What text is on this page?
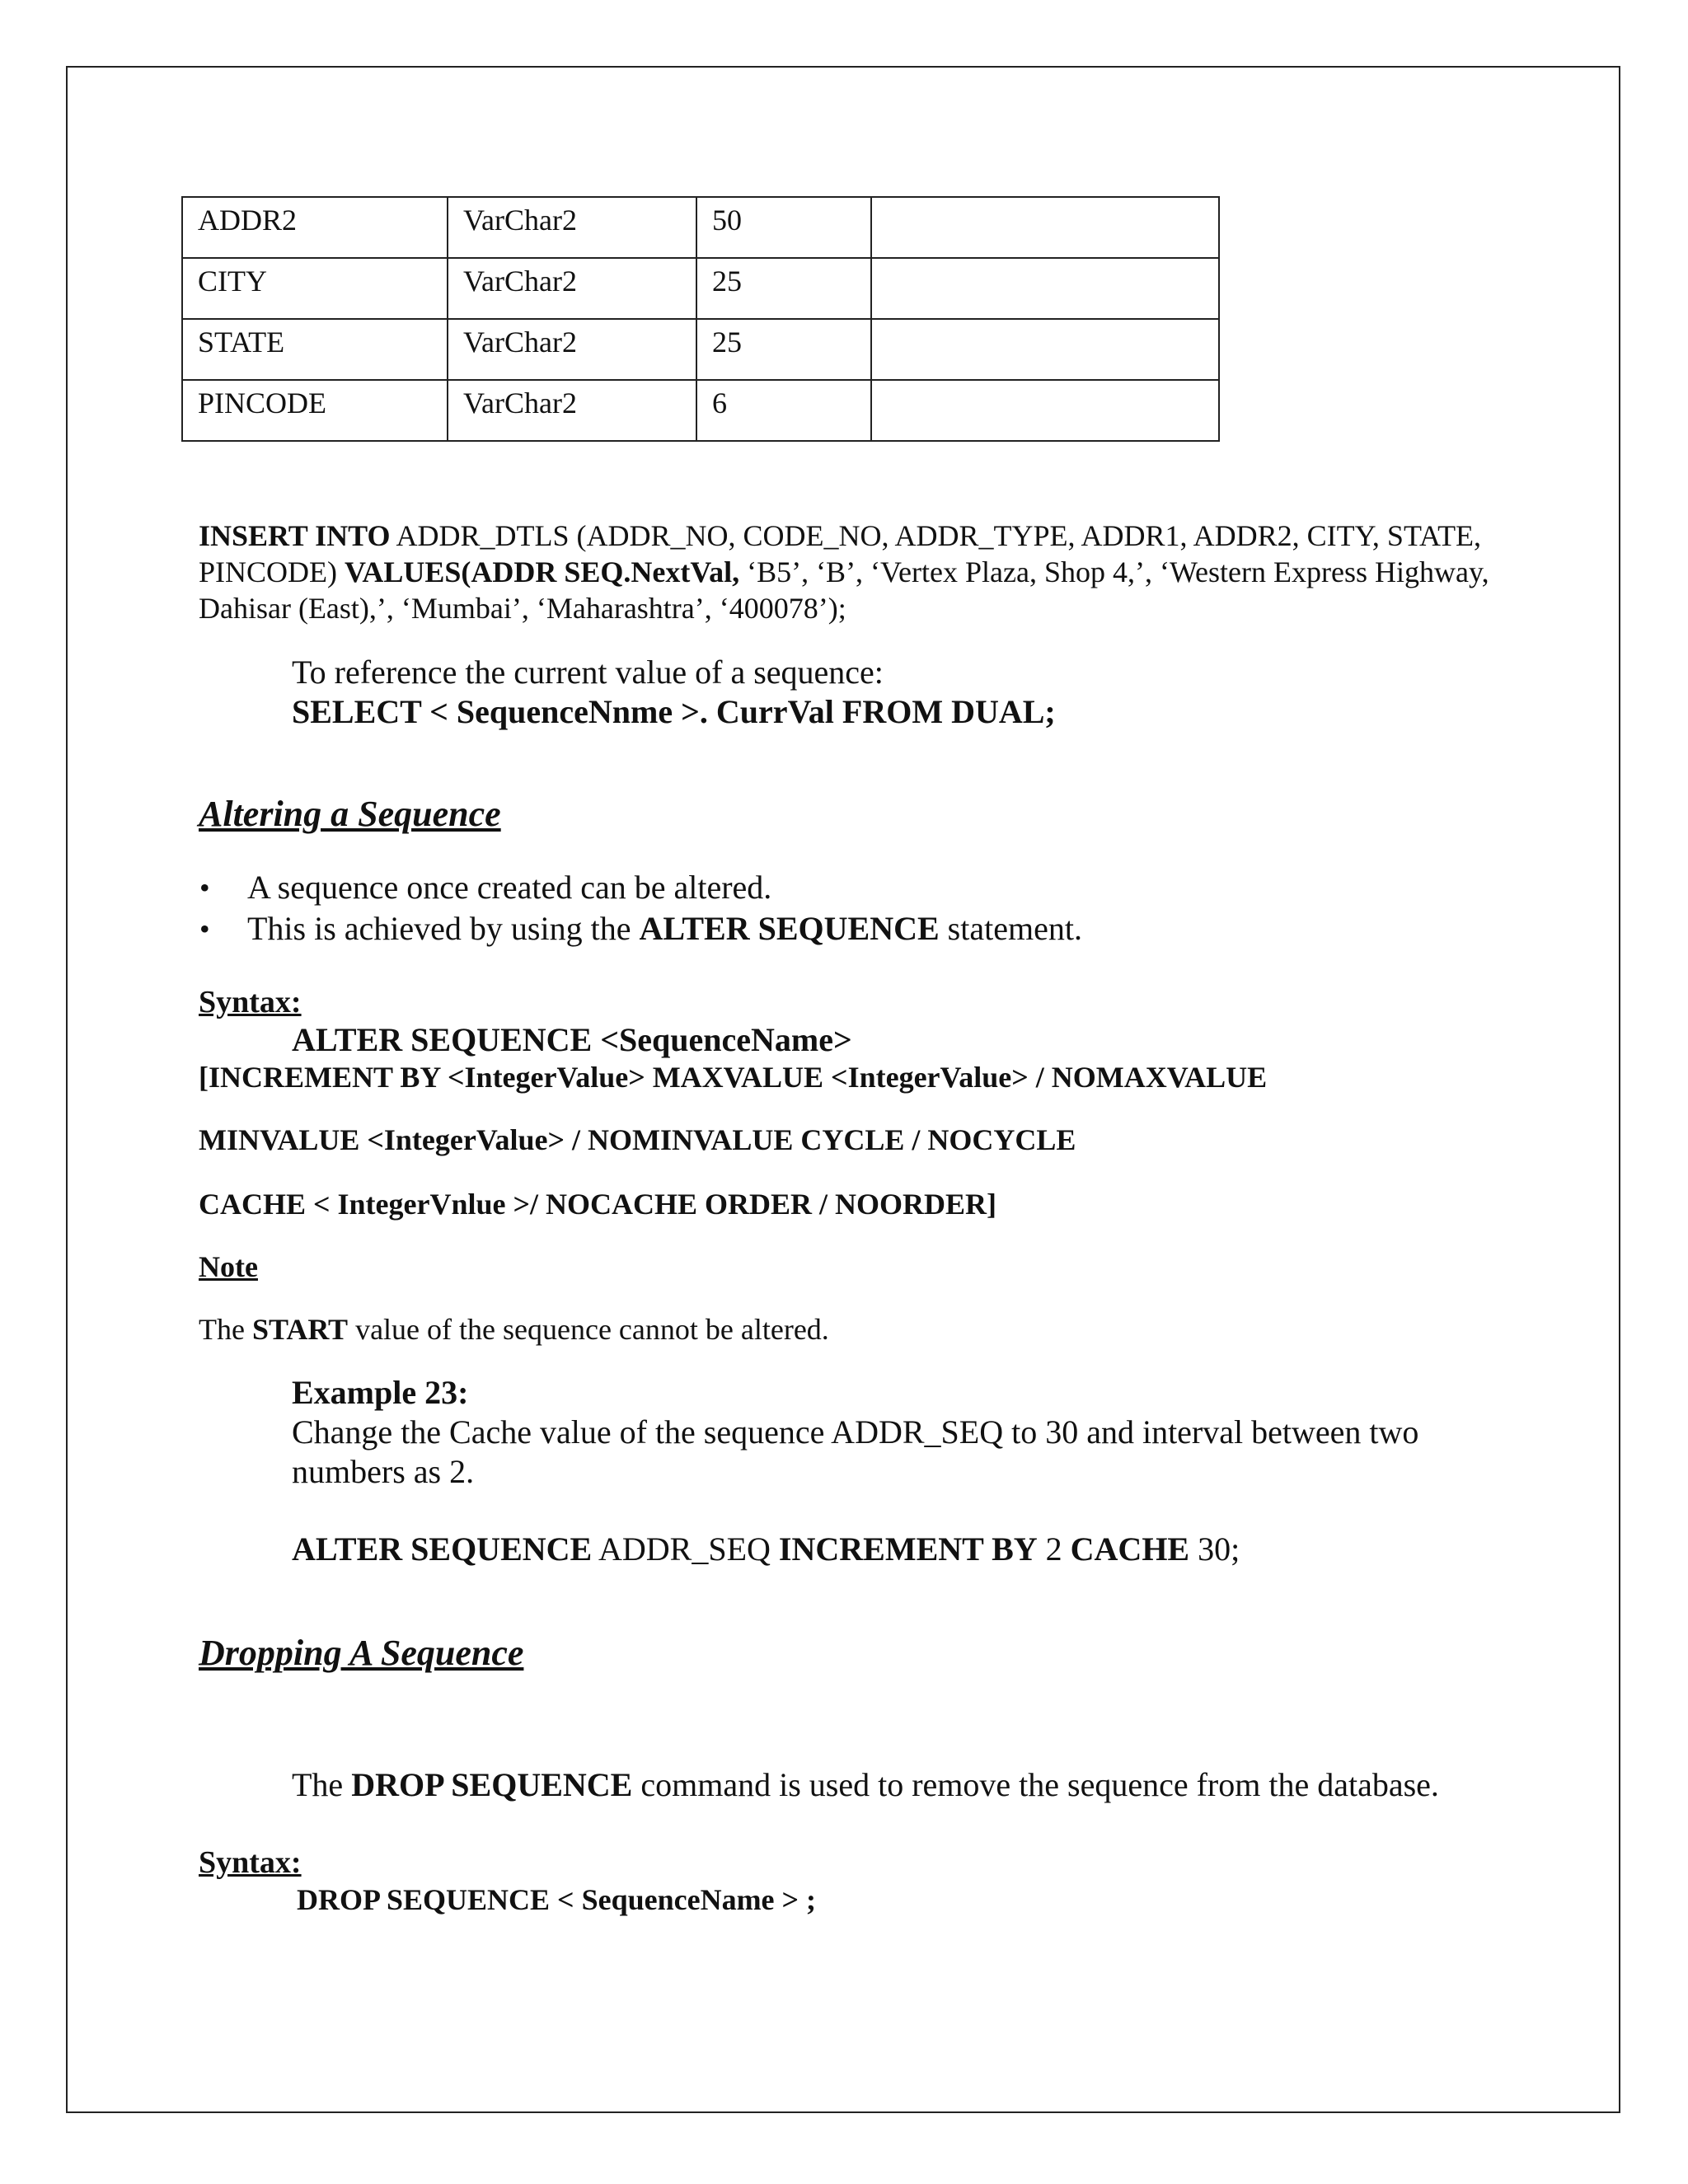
ADDR2	VarChar2	50	
CITY	VarChar2	25	
STATE	VarChar2	25	
PINCODE	VarChar2	6	
INSERT INTO ADDR_DTLS (ADDR_NO, CODE_NO, ADDR_TYPE, ADDR1, ADDR2, CITY, STATE, PINCODE) VALUES(ADDR SEQ.NextVal, ‘B5’, ‘B’, ‘Vertex Plaza, Shop 4,’, ‘Western Express Highway, Dahisar (East),’, ‘Mumbai’, ‘Maharashtra’, ‘400078’);
To reference the current value of a sequence:
SELECT < SequenceNnme >. CurrVal FROM DUAL;
Altering a Sequence
• A sequence once created can be altered.
• This is achieved by using the ALTER SEQUENCE statement.
Syntax:
ALTER SEQUENCE <SequenceName>
[INCREMENT BY <IntegerValue> MAXVALUE <IntegerValue> / NOMAXVALUE
MINVALUE <IntegerValue> / NOMINVALUE CYCLE / NOCYCLE
CACHE < IntegerVnlue >/ NOCACHE ORDER / NOORDER]
Note
The START value of the sequence cannot be altered.
Example 23:
Change the Cache value of the sequence ADDR_SEQ to 30 and interval between two numbers as 2.
ALTER SEQUENCE ADDR_SEQ INCREMENT BY 2 CACHE 30;
Dropping A Sequence
The DROP SEQUENCE command is used to remove the sequence from the database.
Syntax:
DROP SEQUENCE < SequenceName > ;
